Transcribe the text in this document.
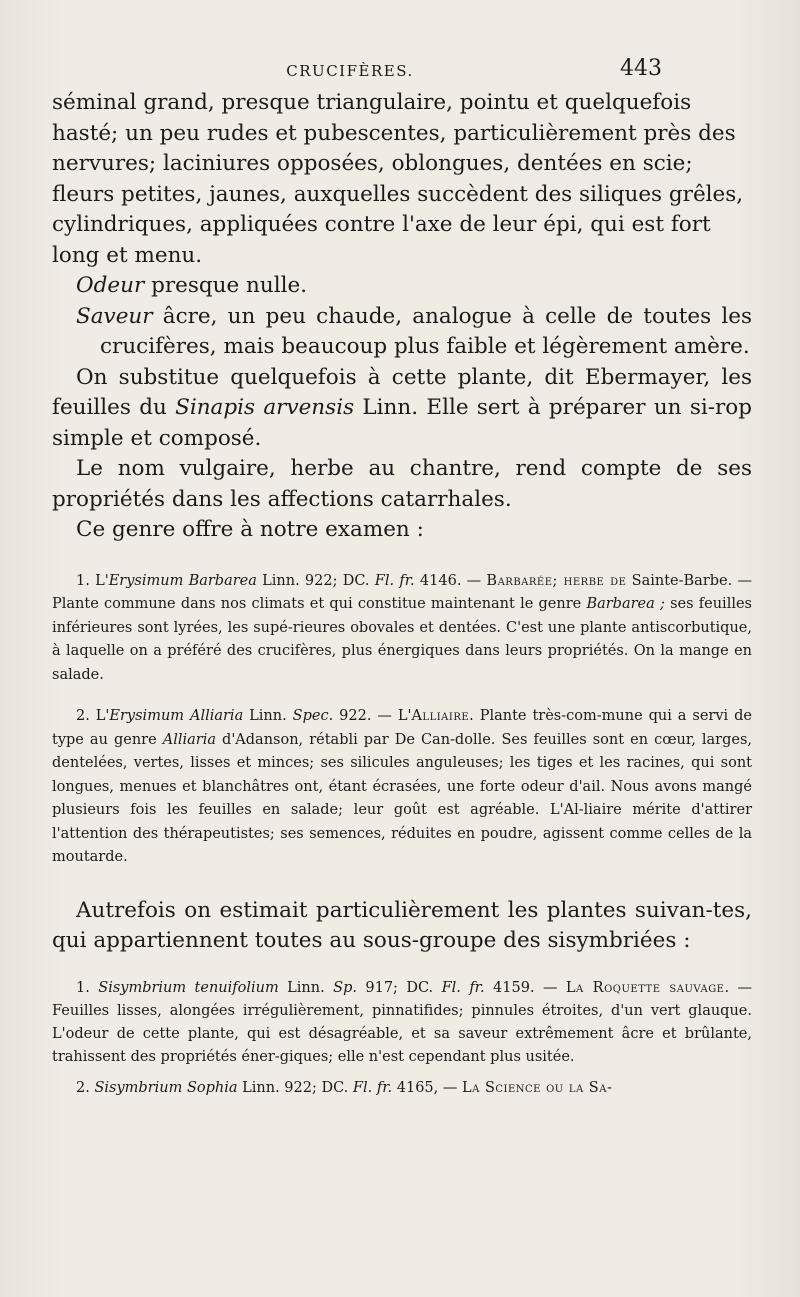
CRUCIFÈRES.	443

séminal grand, presque triangulaire, pointu et quelquefois hasté; un peu rudes et pubescentes, particulièrement près des nervures; laciniures opposées, oblongues, dentées en scie; fleurs petites, jaunes, auxquelles succèdent des siliques grêles, cylindriques, appliquées contre l'axe de leur épi, qui est fort long et menu.

Odeur presque nulle.

Saveur âcre, un peu chaude, analogue à celle de toutes les crucifères, mais beaucoup plus faible et légèrement amère.

On substitue quelquefois à cette plante, dit Ebermayer, les feuilles du Sinapis arvensis Linn. Elle sert à préparer un si-rop simple et composé.

Le nom vulgaire, herbe au chantre, rend compte de ses propriétés dans les affections catarrhales.

Ce genre offre à notre examen :

1. L'Erysimum Barbarea Linn. 922; DC. Fl. fr. 4146. — Barbarée; herbe de Sainte-Barbe. — Plante commune dans nos climats et qui constitue maintenant le genre Barbarea ; ses feuilles inférieures sont lyrées, les supé-rieures obovales et dentées. C'est une plante antiscorbutique, à laquelle on a préféré des crucifères, plus énergiques dans leurs propriétés. On la mange en salade.

2. L'Erysimum Alliaria Linn. Spec. 922. — L'Alliaire. Plante très-com-mune qui a servi de type au genre Alliaria d'Adanson, rétabli par De Can-dolle. Ses feuilles sont en cœur, larges, dentelées, vertes, lisses et minces; ses silicules anguleuses; les tiges et les racines, qui sont longues, menues et blanchâtres ont, étant écrasées, une forte odeur d'ail. Nous avons mangé plusieurs fois les feuilles en salade; leur goût est agréable. L'Al-liaire mérite d'attirer l'attention des thérapeutistes; ses semences, réduites en poudre, agissent comme celles de la moutarde.

Autrefois on estimait particulièrement les plantes suivan-tes, qui appartiennent toutes au sous-groupe des sisymbriées :

1. Sisymbrium tenuifolium Linn. Sp. 917; DC. Fl. fr. 4159. — La Roquette sauvage. — Feuilles lisses, alongées irrégulièrement, pinnatifides; pinnules étroites, d'un vert glauque. L'odeur de cette plante, qui est désagréable, et sa saveur extrêmement âcre et brûlante, trahissent des propriétés éner-giques; elle n'est cependant plus usitée.

2. Sisymbrium Sophia Linn. 922; DC. Fl. fr. 4165, — La Science ou la Sa-
